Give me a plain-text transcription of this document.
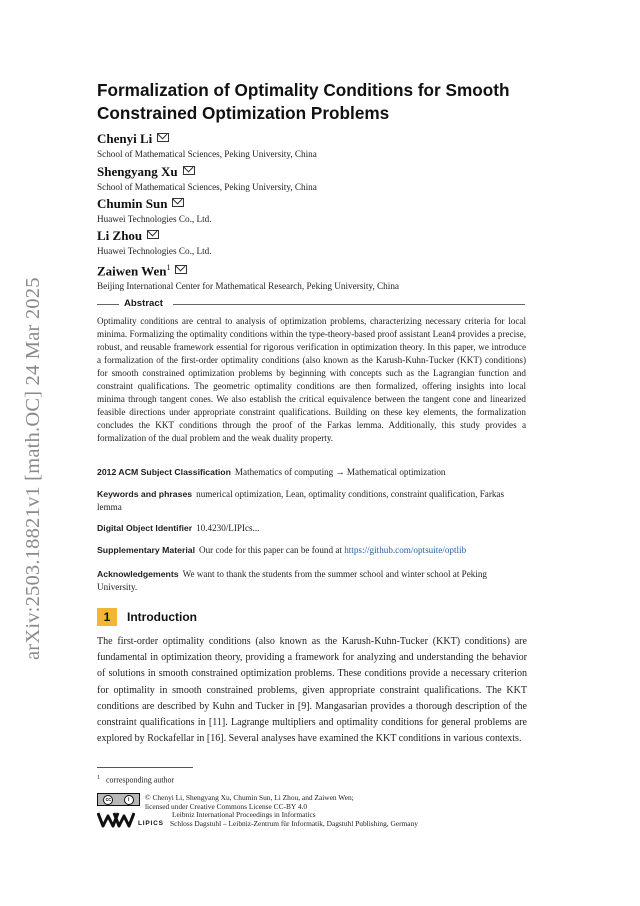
arXiv:2503.18821v1 [math.OC] 24 Mar 2025
Formalization of Optimality Conditions for Smooth
Constrained Optimization Problems
Chenyi Li
School of Mathematical Sciences, Peking University, China
Shengyang Xu
School of Mathematical Sciences, Peking University, China
Chumin Sun
Huawei Technologies Co., Ltd.
Li Zhou
Huawei Technologies Co., Ltd.
Zaiwen Wen$^1$
Beijing International Center for Mathematical Research, Peking University, China
Abstract

Optimality conditions are central to analysis of optimization problems, characterizing necessary criteria for local minima. Formalizing the optimality conditions within the type-theory-based proof assistant Lean4 provides a precise, robust, and reusable framework essential for rigorous verification in optimization theory. In this paper, we introduce a formalization of the first-order optimality conditions (also known as the Karush-Kuhn-Tucker (KKT) conditions) for smooth constrained optimization problems by beginning with concepts such as the Lagrangian function and constraint qualifications. The geometric optimality conditions are then formalized, offering insights into local minima through tangent cones. We also establish the critical equivalence between the tangent cone and linearized feasible directions under appropriate constraint qualifications. Building on these key elements, the formalization concludes the KKT conditions through the proof of the Farkas lemma. Additionally, this study provides a formalization of the dual problem and the weak duality property.

2012 ACM Subject Classification Mathematics of computing → Mathematical optimization
Keywords and phrases numerical optimization, Lean, optimality conditions, constraint qualification, Farkas lemma
Digital Object Identifier 10.4230/LIPIcs...
Supplementary Material Our code for this paper can be found at https://github.com/optsuite/optlib
Acknowledgements We want to thank the students from the summer school and winter school at Peking University.
1 Introduction

The first-order optimality conditions (also known as the Karush-Kuhn-Tucker (KKT) conditions) are fundamental in optimization theory, providing a framework for analyzing and understanding the behavior of solutions in smooth constrained optimization problems. These conditions provide a necessary criterion for optimality in smooth constrained problems, given appropriate constraint qualifications. The KKT conditions are described by Kuhn and Tucker in [9]. Mangasarian provides a thorough description of the constraint qualifications in [11]. Lagrange multipliers and optimality conditions for general problems are explored by Rockafellar in [16]. Several analyses have examined the KKT conditions in various contexts.

$^1$ corresponding author
cc	i	© Chenyi Li, Shengyang Xu, Chumin Sun, Li Zhou, and Zaiwen Wen;
licensed under Creative Commons License CC-BY 4.0
LIPICS
Leibniz International Proceedings in Informatics
Schloss Dagstuhl – Leibniz-Zentrum für Informatik, Dagstuhl Publishing, Germany
